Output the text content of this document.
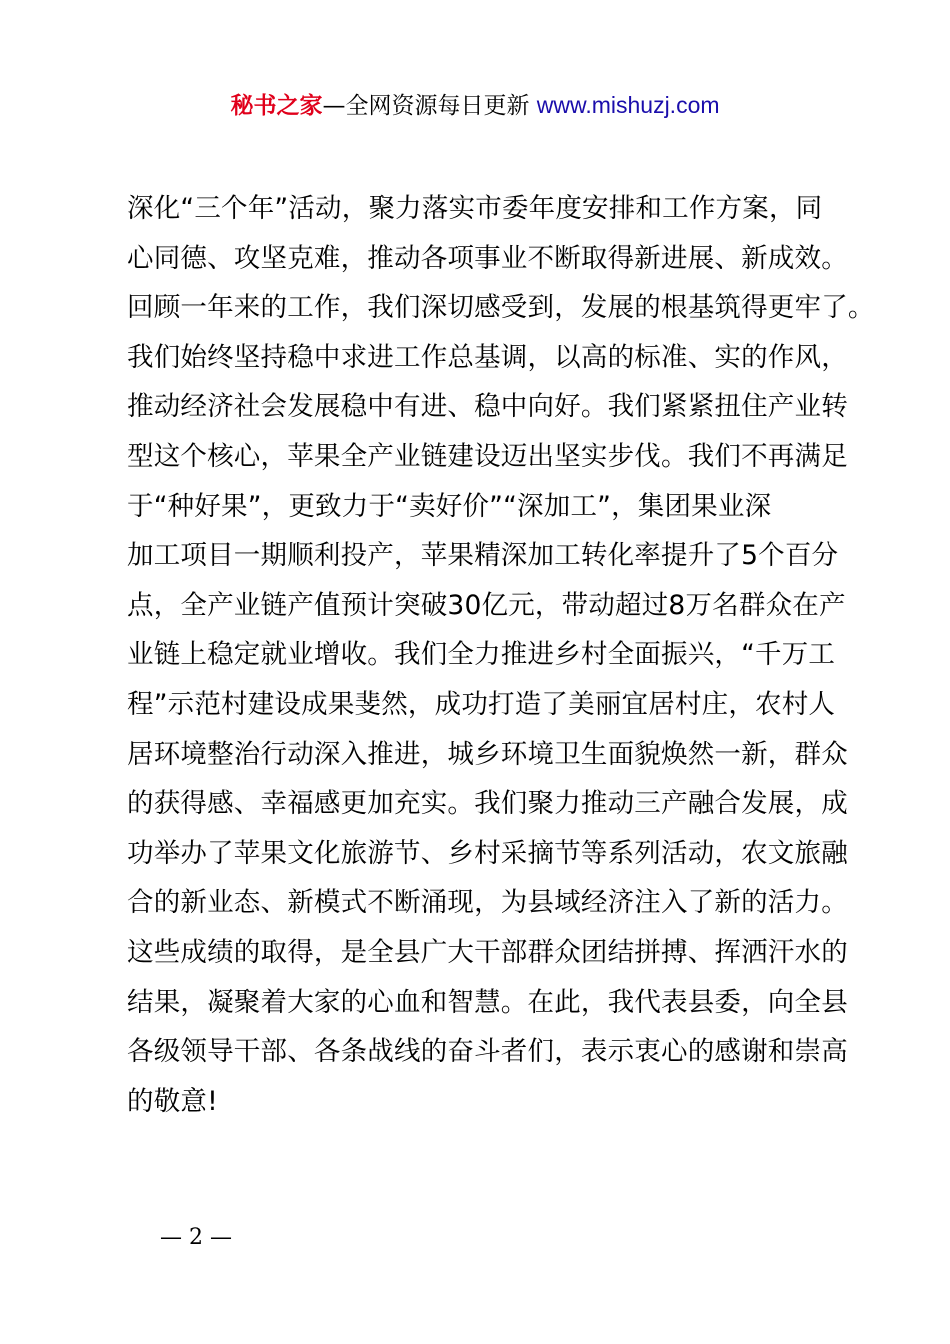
秘书之家—全网资源每日更新 www.mishuzj.com
深化“三个年”活动，聚力落实市委年度安排和工作方案，同
心同德、攻坚克难，推动各项事业不断取得新进展、新成效。
回顾一年来的工作，我们深切感受到，发展的根基筑得更牢了。
我们始终坚持稳中求进工作总基调，以高的标准、实的作风，
推动经济社会发展稳中有进、稳中向好。我们紧紧扭住产业转
型这个核心，苹果全产业链建设迈出坚实步伐。我们不再满足
于“种好果”，更致力于“卖好价”“深加工”，集团果业深
加工项目一期顺利投产，苹果精深加工转化率提升了5个百分
点，全产业链产值预计突破30亿元，带动超过8万名群众在产
业链上稳定就业增收。我们全力推进乡村全面振兴，“千万工
程”示范村建设成果斐然，成功打造了美丽宜居村庄，农村人
居环境整治行动深入推进，城乡环境卫生面貌焕然一新，群众
的获得感、幸福感更加充实。我们聚力推动三产融合发展，成
功举办了苹果文化旅游节、乡村采摘节等系列活动，农文旅融
合的新业态、新模式不断涌现，为县域经济注入了新的活力。
这些成绩的取得，是全县广大干部群众团结拼搏、挥洒汗水的
结果，凝聚着大家的心血和智慧。在此，我代表县委，向全县
各级领导干部、各条战线的奋斗者们，表示衷心的感谢和崇高
的敬意!
— 2 —
